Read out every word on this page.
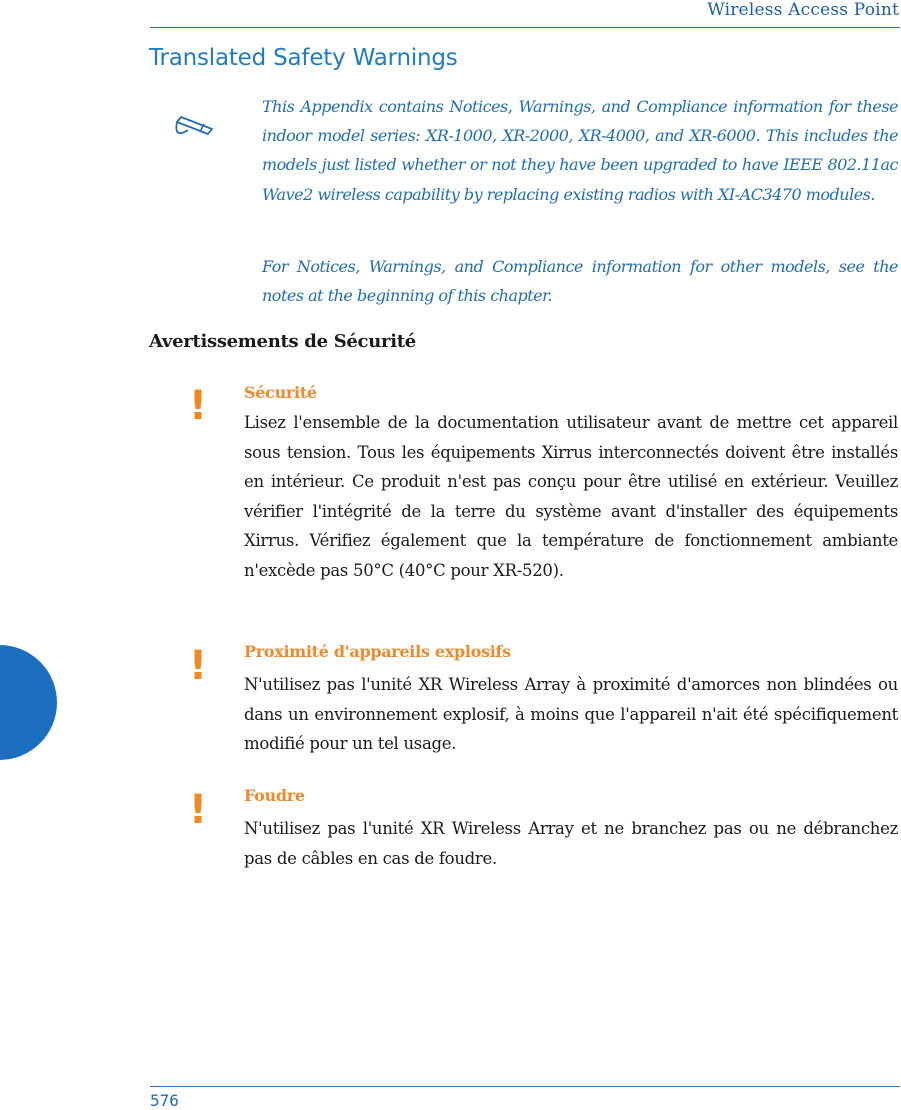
Wireless Access Point
Translated Safety Warnings
This Appendix contains Notices, Warnings, and Compliance information for these indoor model series: XR-1000, XR-2000, XR-4000, and XR-6000. This includes the models just listed whether or not they have been upgraded to have IEEE 802.11ac Wave2 wireless capability by replacing existing radios with XI-AC3470 modules.
For Notices, Warnings, and Compliance information for other models, see the notes at the beginning of this chapter.
Avertissements de Sécurité
! Sécurité
Lisez l'ensemble de la documentation utilisateur avant de mettre cet appareil sous tension. Tous les équipements Xirrus interconnectés doivent être installés en intérieur. Ce produit n'est pas conçu pour être utilisé en extérieur. Veuillez vérifier l'intégrité de la terre du système avant d'installer des équipements Xirrus. Vérifiez également que la température de fonctionnement ambiante n'excède pas 50°C (40°C pour XR-520).
! Proximité d'appareils explosifs
N'utilisez pas l'unité XR Wireless Array à proximité d'amorces non blindées ou dans un environnement explosif, à moins que l'appareil n'ait été spécifiquement modifié pour un tel usage.
! Foudre
N'utilisez pas l'unité XR Wireless Array et ne branchez pas ou ne débranchez pas de câbles en cas de foudre.
576
